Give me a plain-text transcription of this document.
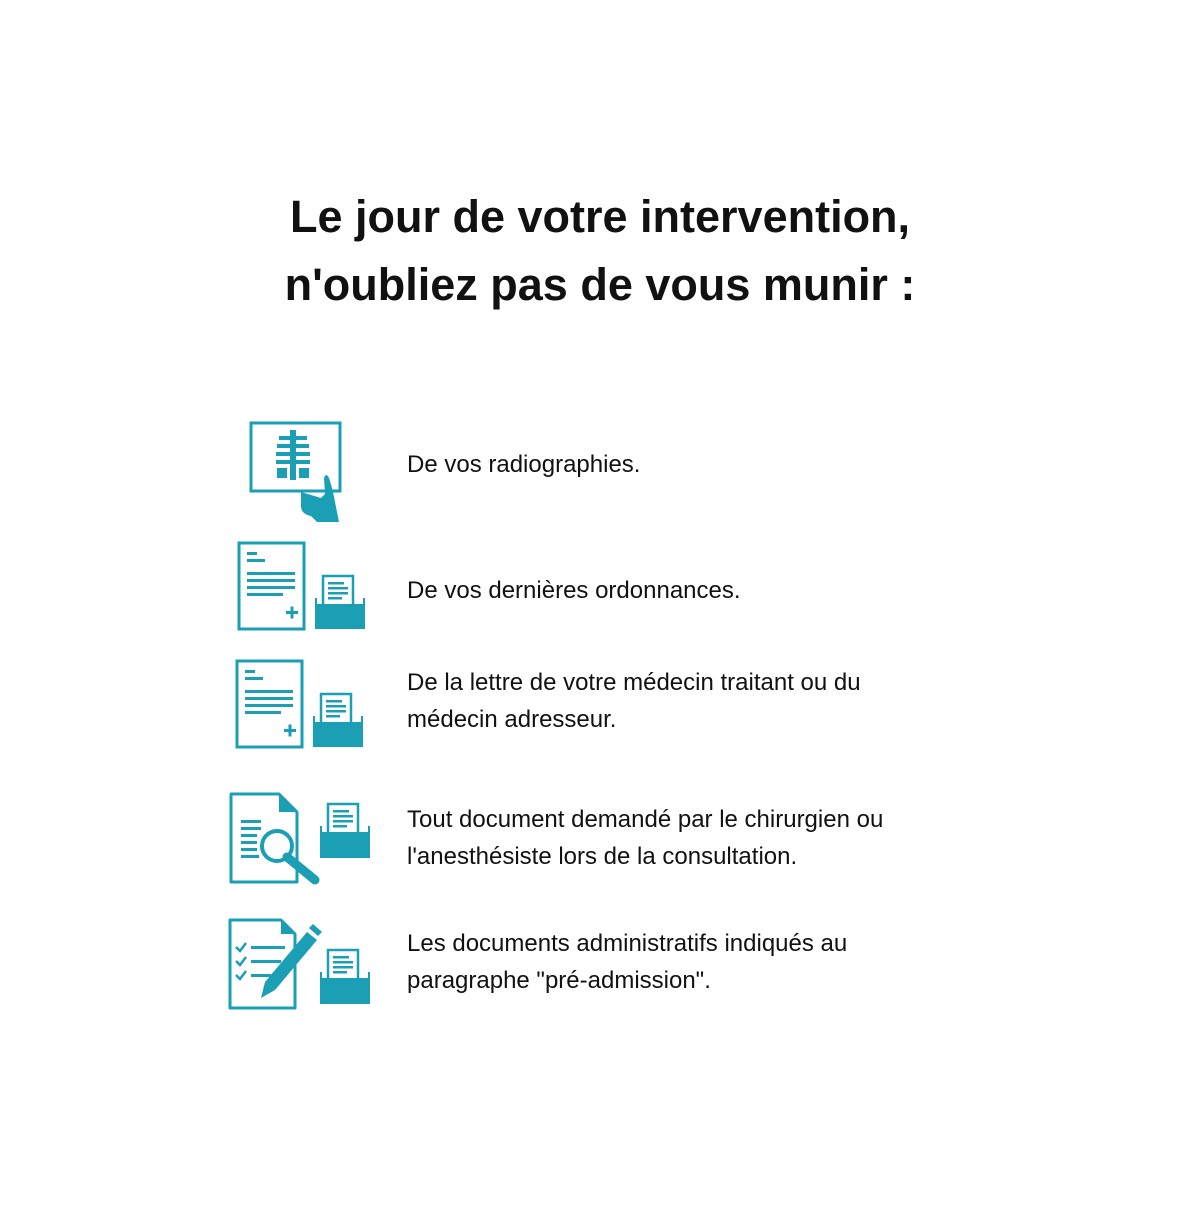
Le jour de votre intervention,
n'oubliez pas de vous munir :
De vos radiographies.
De vos dernières ordonnances.
De la lettre de votre médecin traitant ou du
médecin adresseur.
Tout document demandé par le chirurgien ou
l'anesthésiste lors de la consultation.
Les documents administratifs indiqués au
paragraphe "pré-admission".
